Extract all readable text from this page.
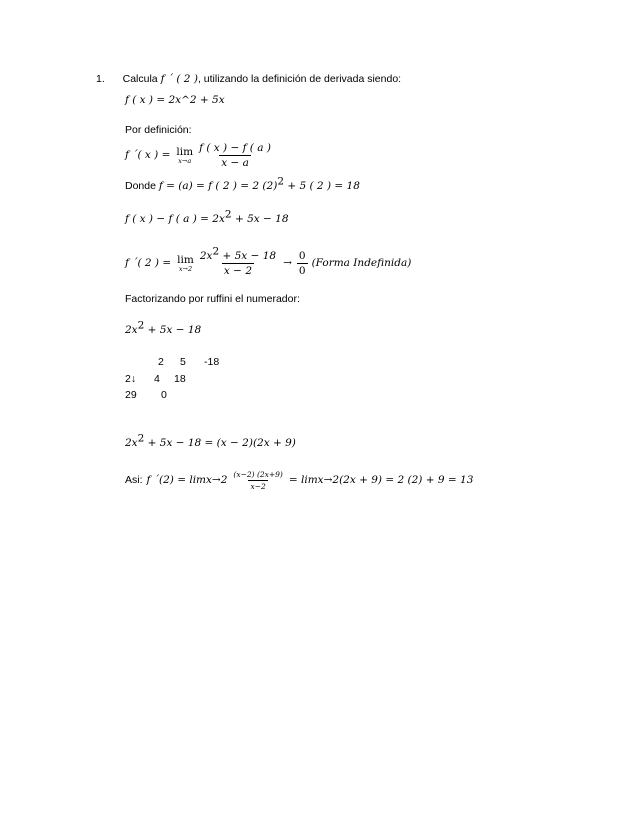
1. Calcula f ´ ( 2 ), utilizando la definición de derivada siendo:
f ( x ) = 2x^2 + 5x
Por definición:
f ´( x ) = lim
$x\to a \frac{f ( x ) - f ( a )}{x - a}$
Donde f = (a) = f ( 2 ) = 2 $(2)^2 + 5$ ( 2 ) = 18
f ( x ) − f ( a ) = $2x^2 + 5x - 18$
f ´( 2 ) = lim
$x\to 2 \frac{2x^2 + 5x - 18}{x - 2} \to \frac{0}{0}$ (Forma Indefinida)
Factorizando por ruffini el numerador:
$2x^2 + 5x - 18$
2 5 -18
2↓ 4 18
29 0
$2x^2 + 5x - 18 = (x - 2)(2x + 9)$
Asi: f ´(2) = $\lim x\to 2 \frac{(x-2) (2x+9)}{x-2} = \lim x\to 2$ (2x + 9) = 2 (2) + 9 = 13
